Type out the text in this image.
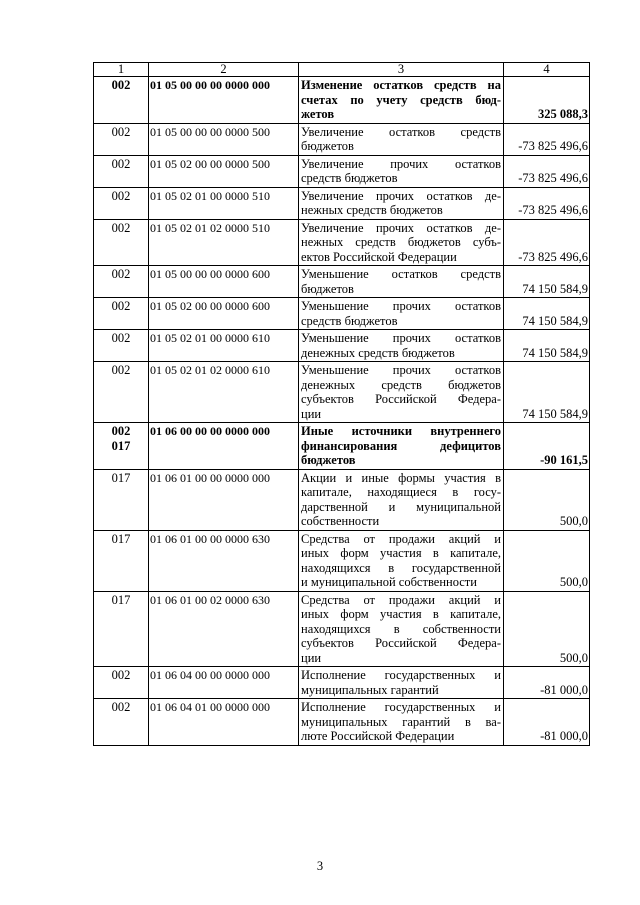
1	2	3	4

002	01 05 00 00 00 0000 000	Изменение остатков средств на
счетах по учету средств бюд-
жетов	325 088,3

002	01 05 00 00 00 0000 500	Увеличение остатков средств
бюджетов	-73 825 496,6

002	01 05 02 00 00 0000 500	Увеличение прочих остатков
средств бюджетов	-73 825 496,6

002	01 05 02 01 00 0000 510	Увеличение прочих остатков де-
нежных средств бюджетов	-73 825 496,6

002	01 05 02 01 02 0000 510	Увеличение прочих остатков де-
нежных средств бюджетов субъ-
ектов Российской Федерации	-73 825 496,6

002	01 05 00 00 00 0000 600	Уменьшение остатков средств
бюджетов	74 150 584,9

002	01 05 02 00 00 0000 600	Уменьшение прочих остатков
средств бюджетов	74 150 584,9

002	01 05 02 01 00 0000 610	Уменьшение прочих остатков
денежных средств бюджетов	74 150 584,9

002	01 05 02 01 02 0000 610	Уменьшение прочих остатков
денежных средств бюджетов
субъектов Российской Федера-
ции	74 150 584,9

002
017	01 06 00 00 00 0000 000	Иные источники внутреннего
финансирования дефицитов
бюджетов	-90 161,5

017	01 06 01 00 00 0000 000	Акции и иные формы участия в
капитале, находящиеся в госу-
дарственной и муниципальной
собственности	500,0

017	01 06 01 00 00 0000 630	Средства от продажи акций и
иных форм участия в капитале,
находящихся в государственной
и муниципальной собственности	500,0

017	01 06 01 00 02 0000 630	Средства от продажи акций и
иных форм участия в капитале,
находящихся в собственности
субъектов Российской Федера-
ции	500,0

002	01 06 04 00 00 0000 000	Исполнение государственных и
муниципальных гарантий	-81 000,0

002	01 06 04 01 00 0000 000	Исполнение государственных и
муниципальных гарантий в ва-
люте Российской Федерации	-81 000,0
3
